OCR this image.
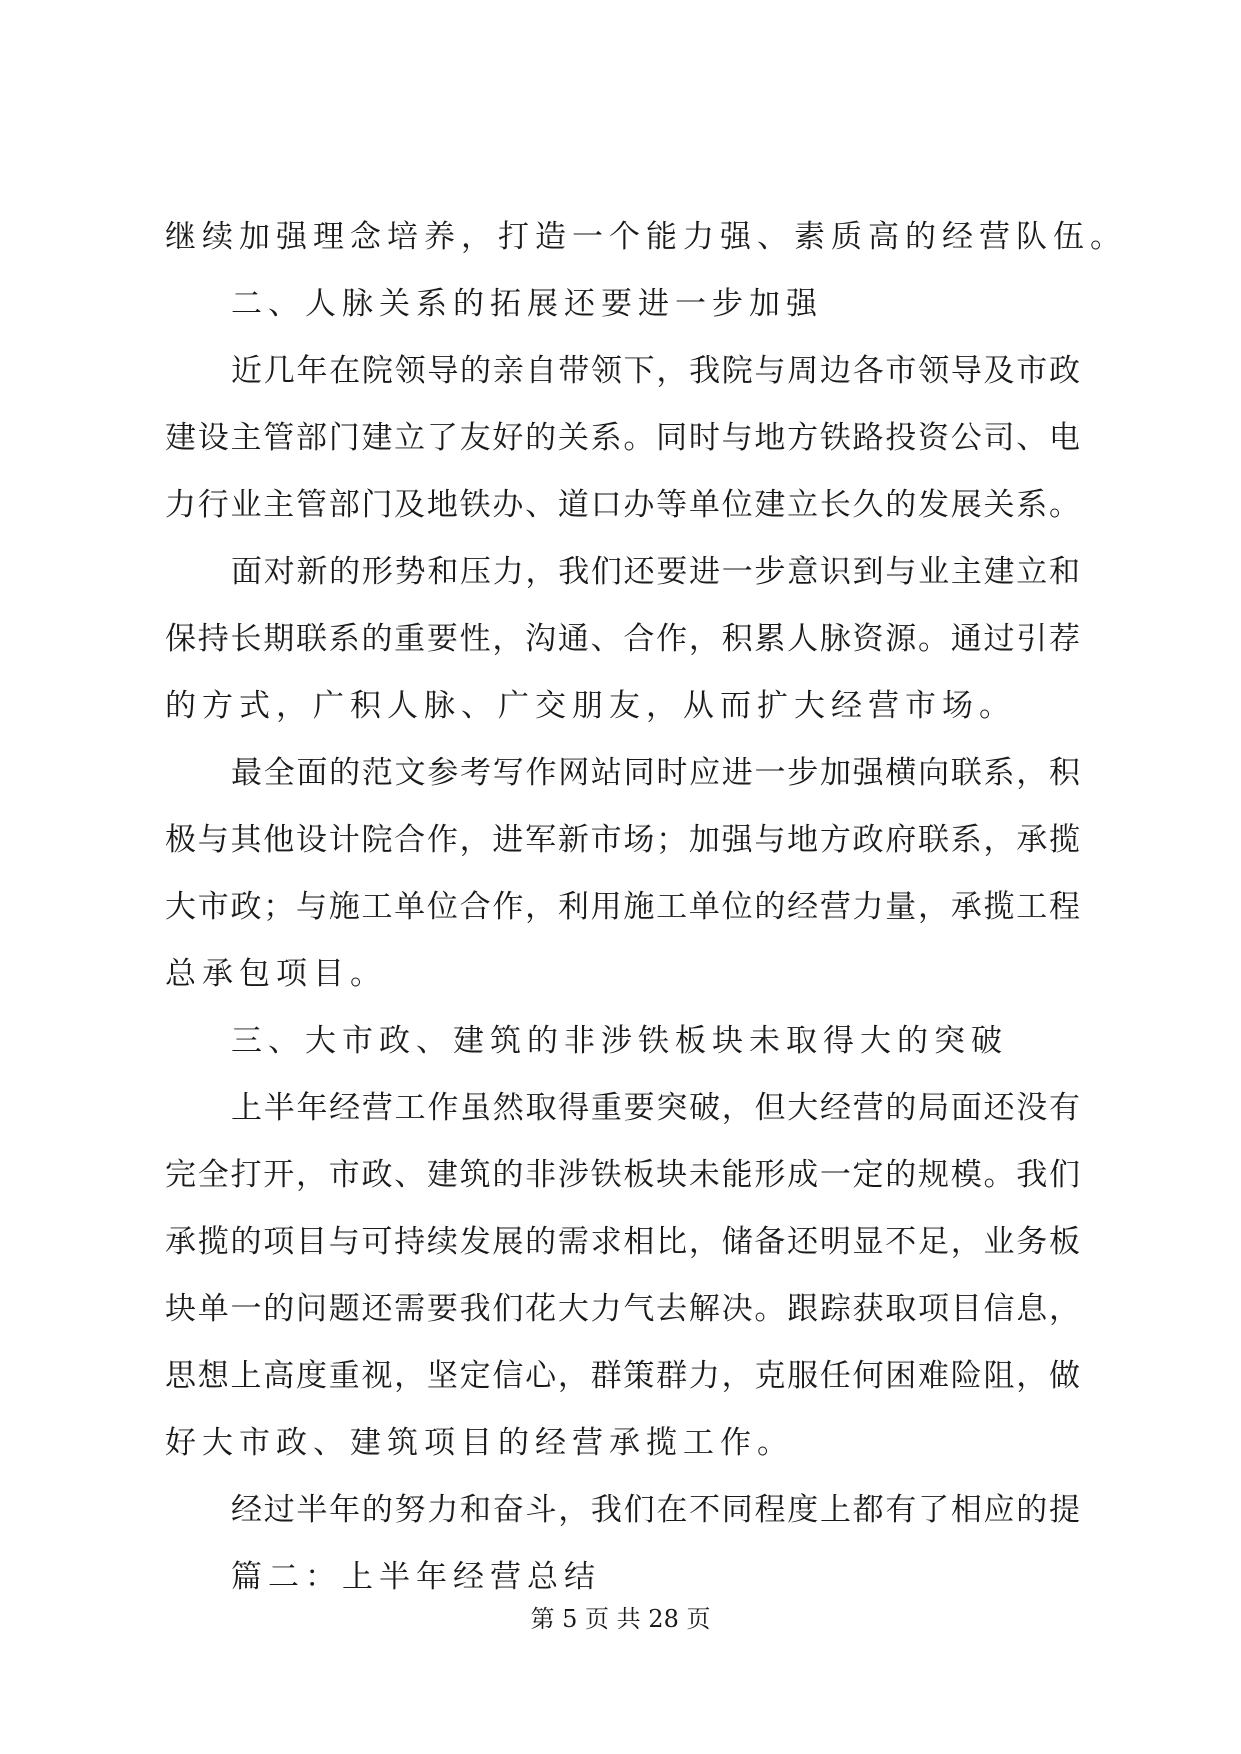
继续加强理念培养，打造一个能力强、素质高的经营队伍。
二、人脉关系的拓展还要进一步加强
近几年在院领导的亲自带领下，我院与周边各市领导及市政
建设主管部门建立了友好的关系。同时与地方铁路投资公司、电
力行业主管部门及地铁办、道口办等单位建立长久的发展关系。
面对新的形势和压力，我们还要进一步意识到与业主建立和
保持长期联系的重要性，沟通、合作，积累人脉资源。通过引荐
的方式，广积人脉、广交朋友，从而扩大经营市场。
最全面的范文参考写作网站同时应进一步加强横向联系，积
极与其他设计院合作，进军新市场；加强与地方政府联系，承揽
大市政；与施工单位合作，利用施工单位的经营力量，承揽工程
总承包项目。
三、大市政、建筑的非涉铁板块未取得大的突破
上半年经营工作虽然取得重要突破，但大经营的局面还没有
完全打开，市政、建筑的非涉铁板块未能形成一定的规模。我们
承揽的项目与可持续发展的需求相比，储备还明显不足，业务板
块单一的问题还需要我们花大力气去解决。跟踪获取项目信息，
思想上高度重视，坚定信心，群策群力，克服任何困难险阻，做
好大市政、建筑项目的经营承揽工作。
经过半年的努力和奋斗，我们在不同程度上都有了相应的提
篇二：上半年经营总结
第 5 页 共 28 页
